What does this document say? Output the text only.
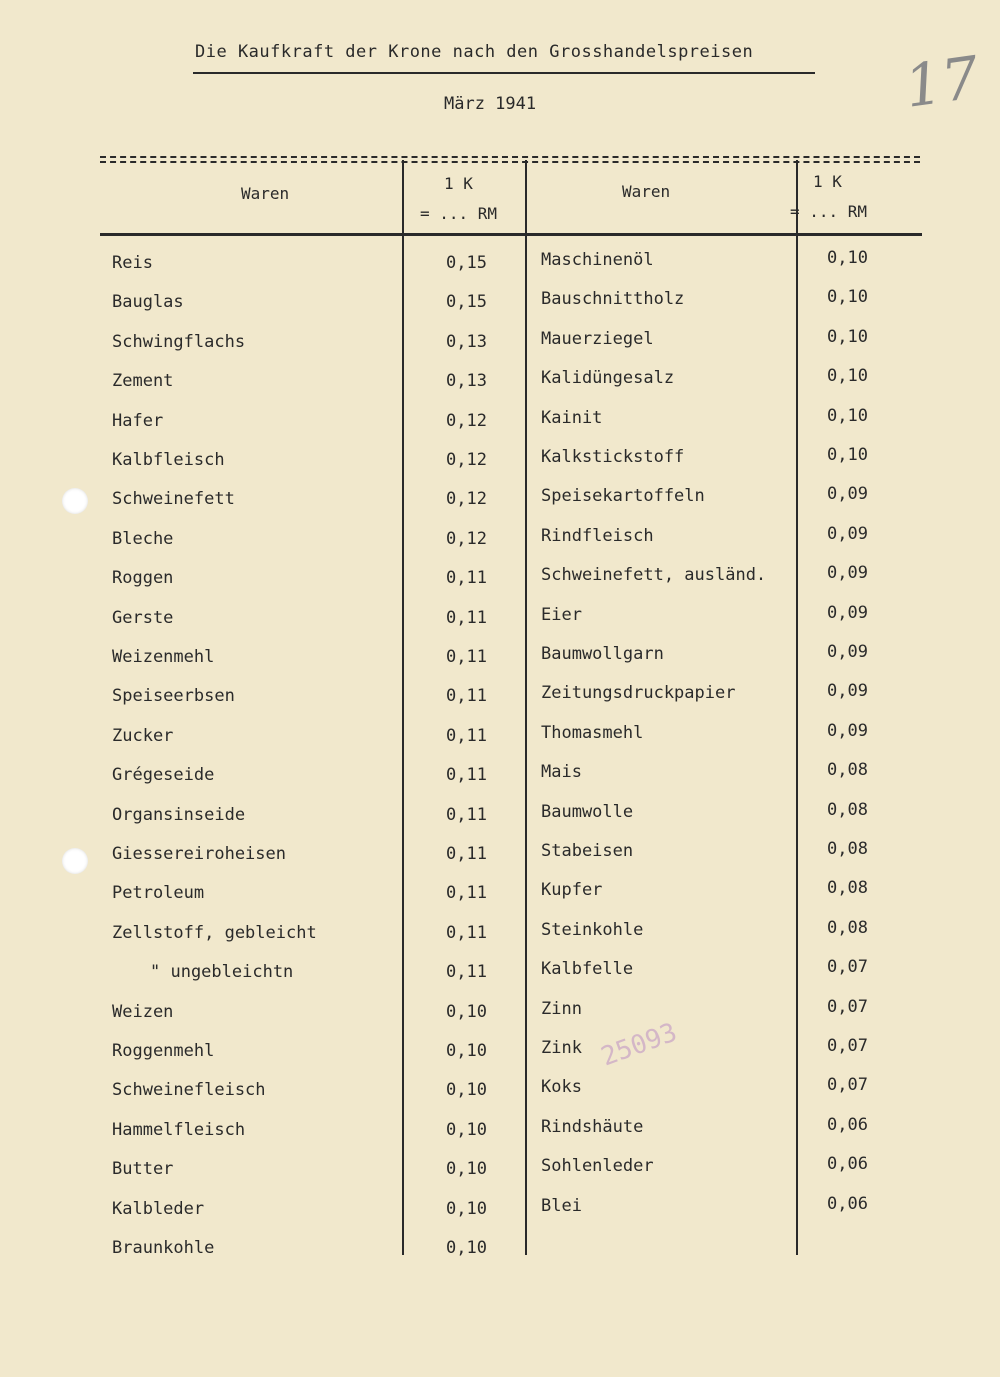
Die Kaufkraft der Krone nach den Grosshandelspreisen
März 1941	17
Waren
1 K
= ... RM
Waren
1 K
= ... RM
Reis	0,15
Bauglas	0,15
Schwingflachs	0,13
Zement	0,13
Hafer	0,12
Kalbfleisch	0,12
Schweinefett	0,12
Bleche	0,12
Roggen	0,11
Gerste	0,11
Weizenmehl	0,11
Speiseerbsen	0,11
Zucker	0,11
Grégeseide	0,11
Organsinseide	0,11
Giessereiroheisen	0,11
Petroleum	0,11
Zellstoff, gebleicht	0,11
" ungebleichtn	0,11
Weizen	0,10
Roggenmehl	0,10
Schweinefleisch	0,10
Hammelfleisch	0,10
Butter	0,10
Kalbleder	0,10
Braunkohle	0,10
Maschinenöl	0,10
Bauschnittholz	0,10
Mauerziegel	0,10
Kalidüngesalz	0,10
Kainit	0,10
Kalkstickstoff	0,10
Speisekartoffeln	0,09
Rindfleisch	0,09
Schweinefett, ausländ.	0,09
Eier	0,09
Baumwollgarn	0,09
Zeitungsdruckpapier	0,09
Thomasmehl	0,09
Mais	0,08
Baumwolle	0,08
Stabeisen	0,08
Kupfer	0,08
Steinkohle	0,08
Kalbfelle	0,07
Zinn	0,07
Zink	0,07
Koks	0,07
Rindshäute	0,06
Sohlenleder	0,06
Blei	0,06
25093
